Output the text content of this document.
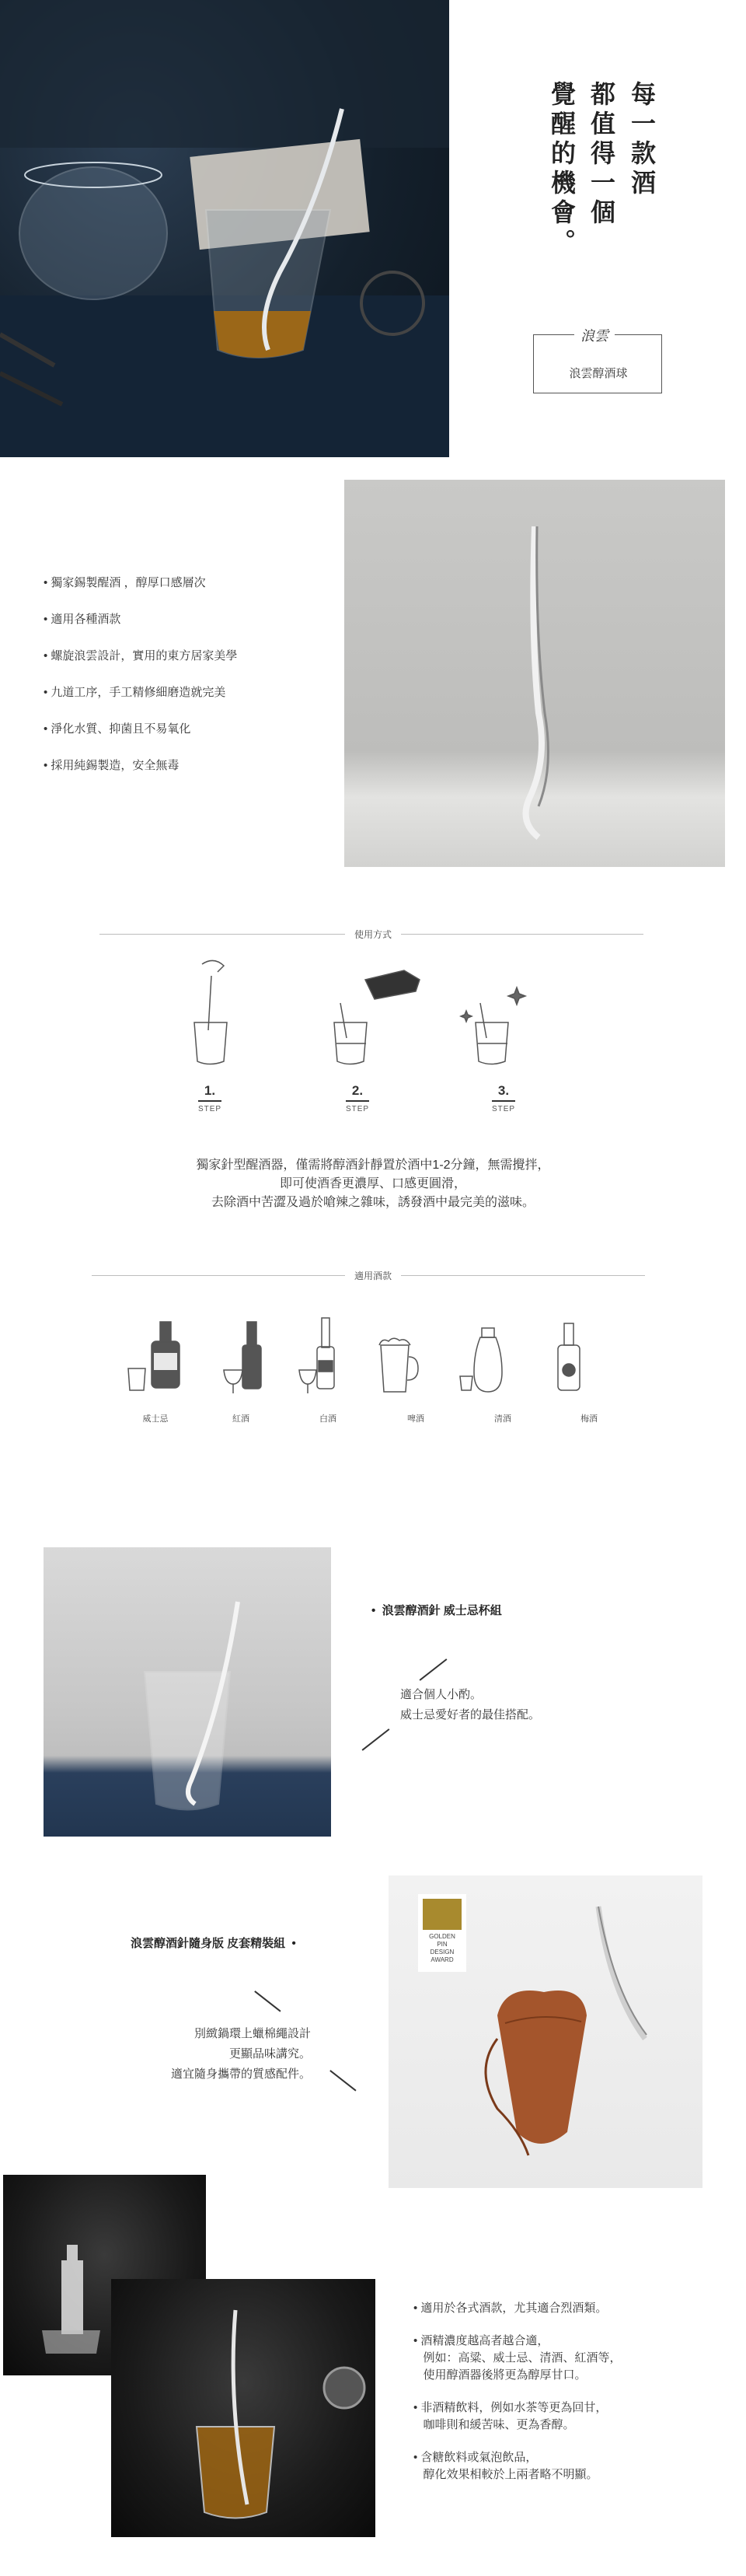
每一款酒
都值得一個
覺醒的機會。
浪雲
浪雲醇酒球
• 獨家錫製醒酒 ，醇厚口感層次
• 適用各種酒款
• 螺旋浪雲設計，實用的東方居家美學
• 九道工序，手工精修細磨造就完美
• 淨化水質、抑菌且不易氧化
• 採用純錫製造，安全無毒
使用方式
1.
STEP
2.
STEP
3.
STEP
獨家針型醒酒器，僅需將醇酒針靜置於酒中1-2分鐘，無需攪拌，
即可使酒香更濃厚、口感更圓滑，
去除酒中苦澀及過於嗆辣之雜味，誘發酒中最完美的滋味。
適用酒款
威士忌	紅酒	白酒	啤酒	清酒	梅酒
•  浪雲醇酒針 威士忌杯組
適合個人小酌。
威士忌愛好者的最佳搭配。
浪雲醇酒針隨身版 皮套精裝組  •
別緻鍋環上蠟棉繩設計
更顯品味講究。
適宜隨身攜帶的質感配件。
GOLDEN
PIN
DESIGN
AWARD
• 適用於各式酒款，尤其適合烈酒類。
• 酒精濃度越高者越合適，
例如：高粱、威士忌、清酒、紅酒等，
使用醇酒器後將更為醇厚甘口。
• 非酒精飲料，例如水茶等更為回甘，
咖啡則和緩苦味、更為香醇。
• 含糖飲料或氣泡飲品，
醇化效果相較於上兩者略不明顯。
